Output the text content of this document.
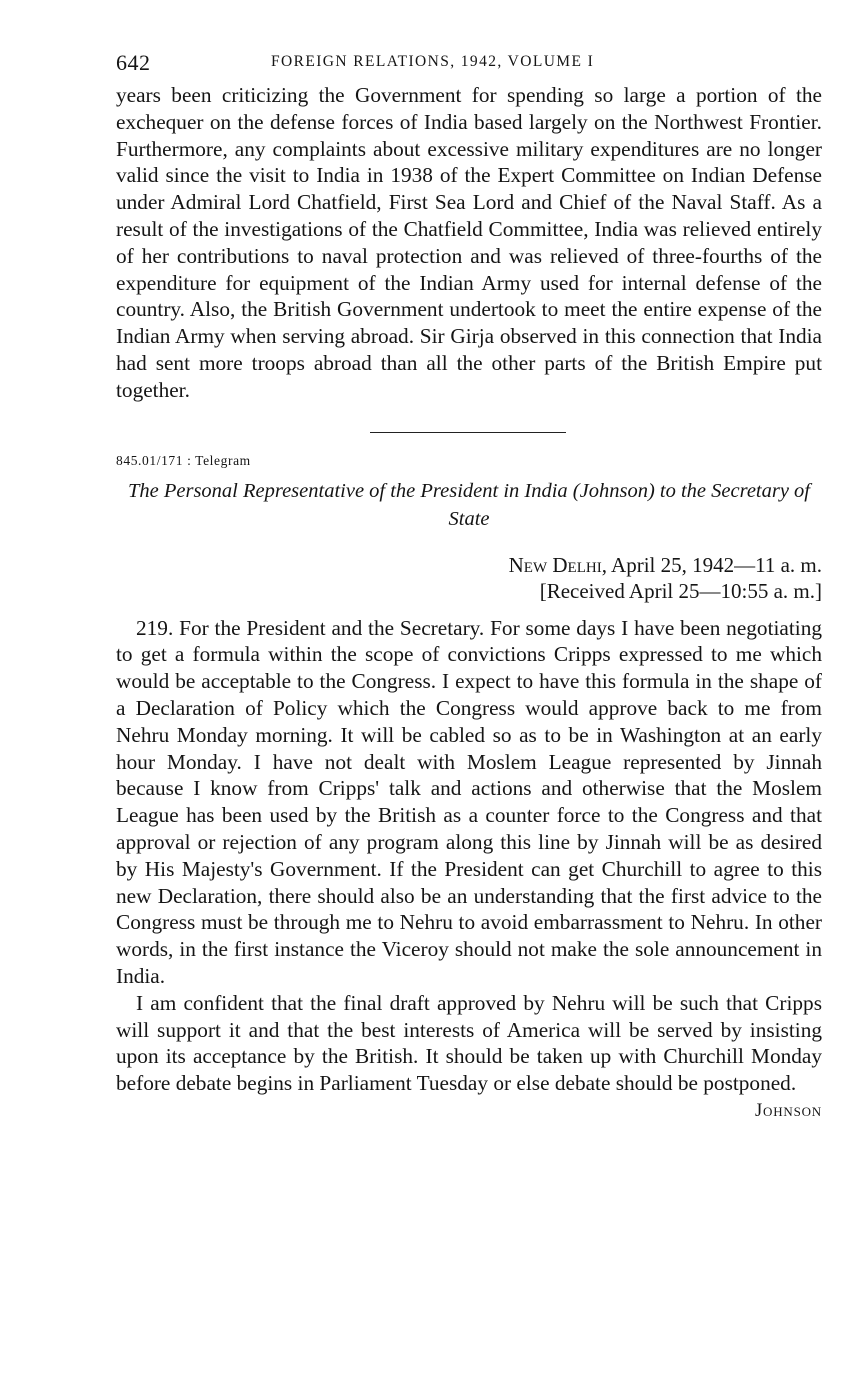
642	FOREIGN RELATIONS, 1942, VOLUME I

years been criticizing the Government for spending so large a portion of the exchequer on the defense forces of India based largely on the Northwest Frontier. Furthermore, any complaints about excessive military expenditures are no longer valid since the visit to India in 1938 of the Expert Committee on Indian Defense under Admiral Lord Chatfield, First Sea Lord and Chief of the Naval Staff. As a result of the investigations of the Chatfield Committee, India was relieved entirely of her contributions to naval protection and was relieved of three-fourths of the expenditure for equipment of the Indian Army used for internal defense of the country. Also, the British Government undertook to meet the entire expense of the Indian Army when serving abroad. Sir Girja observed in this connection that India had sent more troops abroad than all the other parts of the British Empire put together.

845.01/171 : Telegram
The Personal Representative of the President in India (Johnson) to the Secretary of State
New Delhi, April 25, 1942—11 a. m.
[Received April 25—10:55 a. m.]

219. For the President and the Secretary. For some days I have been negotiating to get a formula within the scope of convictions Cripps expressed to me which would be acceptable to the Congress. I expect to have this formula in the shape of a Declaration of Policy which the Congress would approve back to me from Nehru Monday morning. It will be cabled so as to be in Washington at an early hour Monday. I have not dealt with Moslem League represented by Jinnah because I know from Cripps' talk and actions and otherwise that the Moslem League has been used by the British as a counter force to the Congress and that approval or rejection of any program along this line by Jinnah will be as desired by His Majesty's Government. If the President can get Churchill to agree to this new Declaration, there should also be an understanding that the first advice to the Congress must be through me to Nehru to avoid embarrassment to Nehru. In other words, in the first instance the Viceroy should not make the sole announcement in India.

I am confident that the final draft approved by Nehru will be such that Cripps will support it and that the best interests of America will be served by insisting upon its acceptance by the British. It should be taken up with Churchill Monday before debate begins in Parliament Tuesday or else debate should be postponed.

Johnson
